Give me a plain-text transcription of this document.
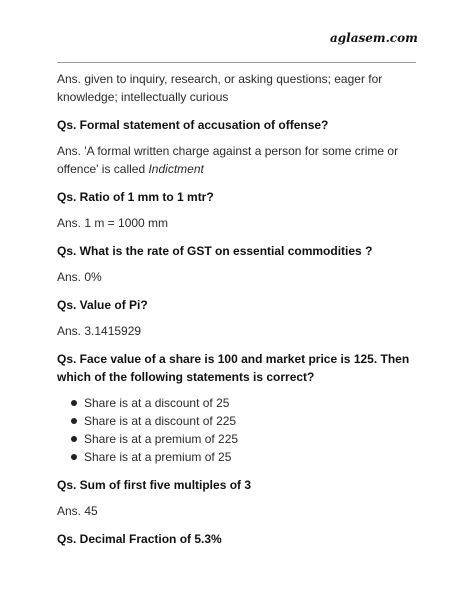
aglasem.com

Ans. given to inquiry, research, or asking questions; eager for knowledge; intellectually curious

Qs. Formal statement of accusation of offense?

Ans. 'A formal written charge against a person for some crime or offence' is called Indictment

Qs. Ratio of 1 mm to 1 mtr?

Ans. 1 m = 1000 mm

Qs. What is the rate of GST on essential commodities ?

Ans. 0%

Qs. Value of Pi?

Ans. 3.1415929

Qs. Face value of a share is 100 and market price is 125. Then which of the following statements is correct?

Share is at a discount of 25
Share is at a discount of 225
Share is at a premium of 225
Share is at a premium of 25

Qs. Sum of first five multiples of 3

Ans. 45

Qs. Decimal Fraction of 5.3%
